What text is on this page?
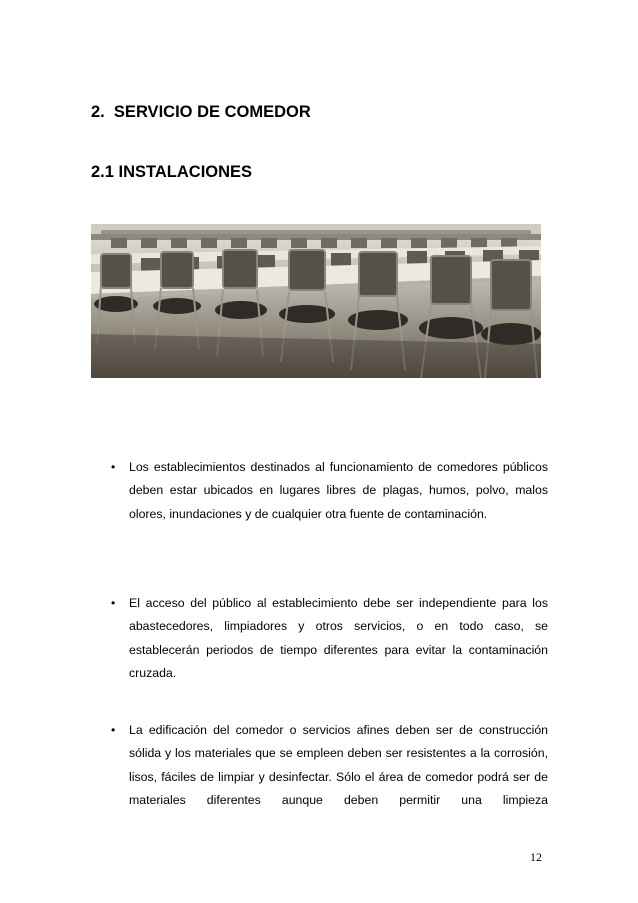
2.  SERVICIO DE COMEDOR
2.1 INSTALACIONES
• Los establecimientos destinados al funcionamiento de comedores públicos deben estar ubicados en lugares libres de plagas, humos, polvo, malos olores, inundaciones y de cualquier otra fuente de contaminación.

• El acceso del público al establecimiento debe ser independiente para los abastecedores, limpiadores y otros servicios, o en todo caso, se establecerán periodos de tiempo diferentes para evitar la contaminación cruzada.

• La edificación del comedor o servicios afines deben ser de construcción sólida y los materiales que se empleen deben ser resistentes a la corrosión, lisos, fáciles de limpiar y desinfectar. Sólo el área de comedor podrá ser de materiales diferentes aunque deben permitir una limpieza

12
